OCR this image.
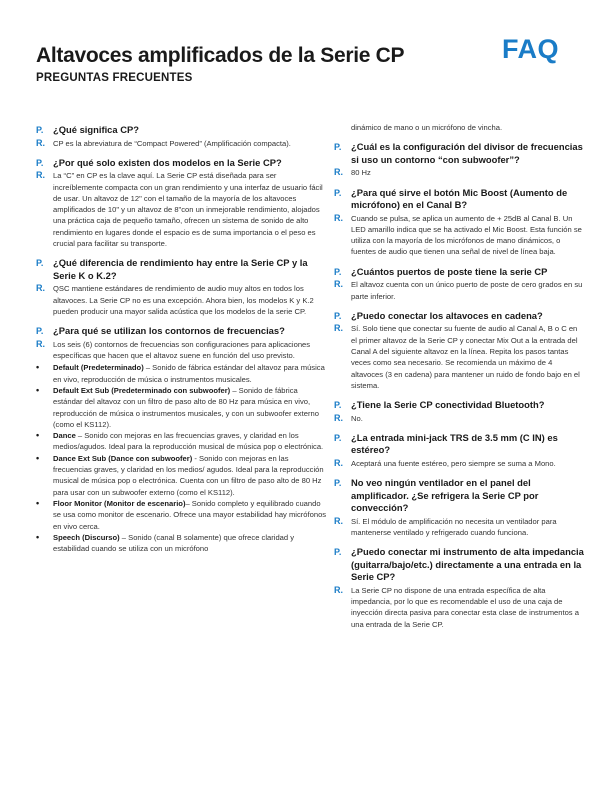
Altavoces amplificados de la Serie CP
PREGUNTAS FRECUENTES
FAQ
P.	¿Qué significa CP?
R.	CP es la abreviatura de “Compact Powered” (Amplificación compacta).
P.	¿Por qué solo existen dos modelos en la Serie CP?
R.	La “C” en CP es la clave aquí. La Serie CP está diseñada para ser increíblemente compacta con un gran rendimiento y una interfaz de usuario fácil de usar. Un altavoz de 12" con el tamaño de la mayoría de los altavoces amplificados de 10" y un altavoz de 8"con un inmejorable rendimiento, alojados una práctica caja de pequeño tamaño, ofrecen un sistema de sonido de alto rendimiento en lugares donde el espacio es de suma importancia o el peso es crucial para facilitar su transporte.
P.	¿Qué diferencia de rendimiento hay entre la Serie CP y la Serie K o K.2?
R.	QSC mantiene estándares de rendimiento de audio muy altos en todos los altavoces. La Serie CP no es una excepción. Ahora bien, los modelos K y K.2 pueden producir una mayor salida acústica que los modelos de la serie CP.
P.	¿Para qué se utilizan los contornos de frecuencias?
R.	Los seis (6) contornos de frecuencias son configuraciones para aplicaciones específicas que hacen que el altavoz suene en función del uso previsto.
•	Default (Predeterminado) – Sonido de fábrica estándar del altavoz para música en vivo, reproducción de música o instrumentos musicales.
•	Default Ext Sub (Predeterminado con subwoofer) – Sonido de fábrica estándar del altavoz con un filtro de paso alto de 80 Hz para música en vivo, reproducción de música o instrumentos musicales, y con un subwoofer externo (como el KS112).
•	Dance – Sonido con mejoras en las frecuencias graves, y claridad en los medios/agudos. Ideal para la reproducción musical de música pop o electrónica.
•	Dance Ext Sub (Dance con subwoofer) - Sonido con mejoras en las frecuencias graves, y claridad en los medios/ agudos. Ideal para la reproducción musical de música pop o electrónica. Cuenta con un filtro de paso alto de 80 Hz para usar con un subwoofer externo (como el KS112).
•	Floor Monitor (Monitor de escenario)– Sonido completo y equilibrado cuando se usa como monitor de escenario. Ofrece una mayor estabilidad hay micrófonos en vivo cerca.
•	Speech (Discurso) – Sonido (canal B solamente) que ofrece claridad y estabilidad cuando se utiliza con un micrófono
dinámico de mano o un micrófono de vincha.
P.	¿Cuál es la configuración del divisor de frecuencias si uso un contorno “con subwoofer”?
R.	80 Hz
P.	¿Para qué sirve el botón Mic Boost (Aumento de micrófono) en el Canal B?
R.	Cuando se pulsa, se aplica un aumento de + 25dB al Canal B. Un LED amarillo indica que se ha activado el Mic Boost. Esta función se utiliza con la mayoría de los micrófonos de mano dinámicos, o fuentes de audio que tienen una señal de nivel de línea baja.
P.	¿Cuántos puertos de poste tiene la serie CP
R.	El altavoz cuenta con un único puerto de poste de cero grados en su parte inferior.
P.	¿Puedo conectar los altavoces en cadena?
R.	Sí. Solo tiene que conectar su fuente de audio al Canal A, B o C en el primer altavoz de la Serie CP y conectar Mix Out a la entrada del Canal A del siguiente altavoz en la línea. Repita los pasos tantas veces como sea necesario. Se recomienda un máximo de 4 altavoces (3 en cadena) para mantener un ruido de fondo bajo en el sistema.
P.	¿Tiene la Serie CP conectividad Bluetooth?
R.	No.
P.	¿La entrada mini-jack TRS de 3.5 mm (C IN) es estéreo?
R.	Aceptará una fuente estéreo, pero siempre se suma a Mono.
P.	No veo ningún ventilador en el panel del amplificador. ¿Se refrigera la Serie CP por convección?
R.	Sí. El módulo de amplificación no necesita un ventilador para mantenerse ventilado y refrigerado cuando funciona.
P.	¿Puedo conectar mi instrumento de alta impedancia (guitarra/bajo/etc.) directamente a una entrada en la Serie CP?
R.	La Serie CP no dispone de una entrada específica de alta impedancia, por lo que es recomendable el uso de una caja de inyección directa pasiva para conectar esta clase de instrumentos a una entrada de la Serie CP.
